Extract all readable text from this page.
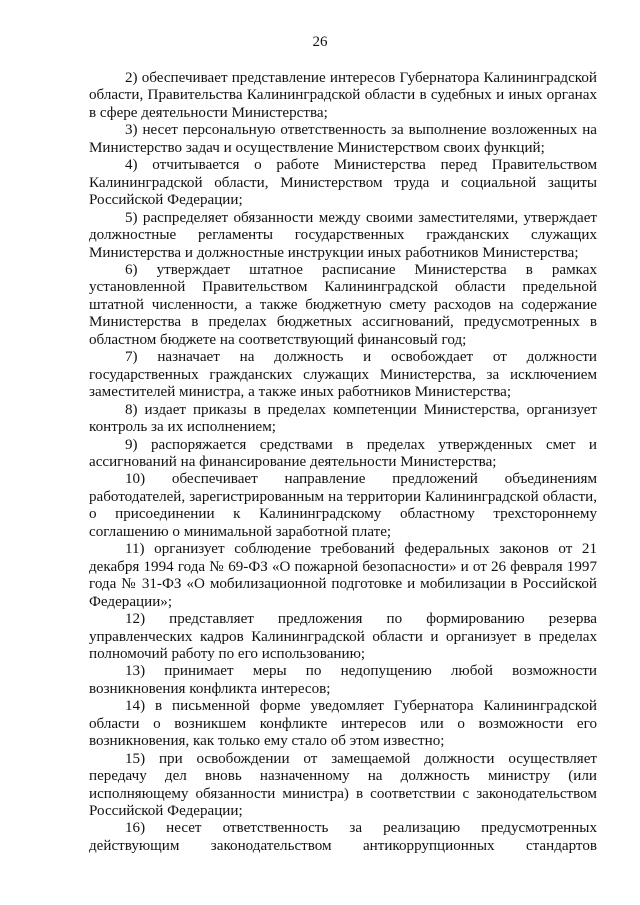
26

2) обеспечивает представление интересов Губернатора Калининградской области, Правительства Калининградской области в судебных и иных органах в сфере деятельности Министерства;

3) несет персональную ответственность за выполнение возложенных на Министерство задач и осуществление Министерством своих функций;

4) отчитывается о работе Министерства перед Правительством Калининградской области, Министерством труда и социальной защиты Российской Федерации;

5) распределяет обязанности между своими заместителями, утверждает должностные регламенты государственных гражданских служащих Министерства и должностные инструкции иных работников Министерства;

6) утверждает штатное расписание Министерства в рамках установленной Правительством Калининградской области предельной штатной численности, а также бюджетную смету расходов на содержание Министерства в пределах бюджетных ассигнований, предусмотренных в областном бюджете на соответствующий финансовый год;

7) назначает на должность и освобождает от должности государственных гражданских служащих Министерства, за исключением заместителей министра, а также иных работников Министерства;

8) издает приказы в пределах компетенции Министерства, организует контроль за их исполнением;

9) распоряжается средствами в пределах утвержденных смет и ассигнований на финансирование деятельности Министерства;

10) обеспечивает направление предложений объединениям работодателей, зарегистрированным на территории Калининградской области, о присоединении к Калининградскому областному трехстороннему соглашению о минимальной заработной плате;

11) организует соблюдение требований федеральных законов от 21 декабря 1994 года № 69-ФЗ «О пожарной безопасности» и от 26 февраля 1997 года № 31-ФЗ «О мобилизационной подготовке и мобилизации в Российской Федерации»;

12) представляет предложения по формированию резерва управленческих кадров Калининградской области и организует в пределах полномочий работу по его использованию;

13) принимает меры по недопущению любой возможности возникновения конфликта интересов;

14) в письменной форме уведомляет Губернатора Калининградской области о возникшем конфликте интересов или о возможности его возникновения, как только ему стало об этом известно;

15) при освобождении от замещаемой должности осуществляет передачу дел вновь назначенному на должность министру (или исполняющему обязанности министра) в соответствии с законодательством Российской Федерации;

16) несет ответственность за реализацию предусмотренных действующим законодательством антикоррупционных стандартов
